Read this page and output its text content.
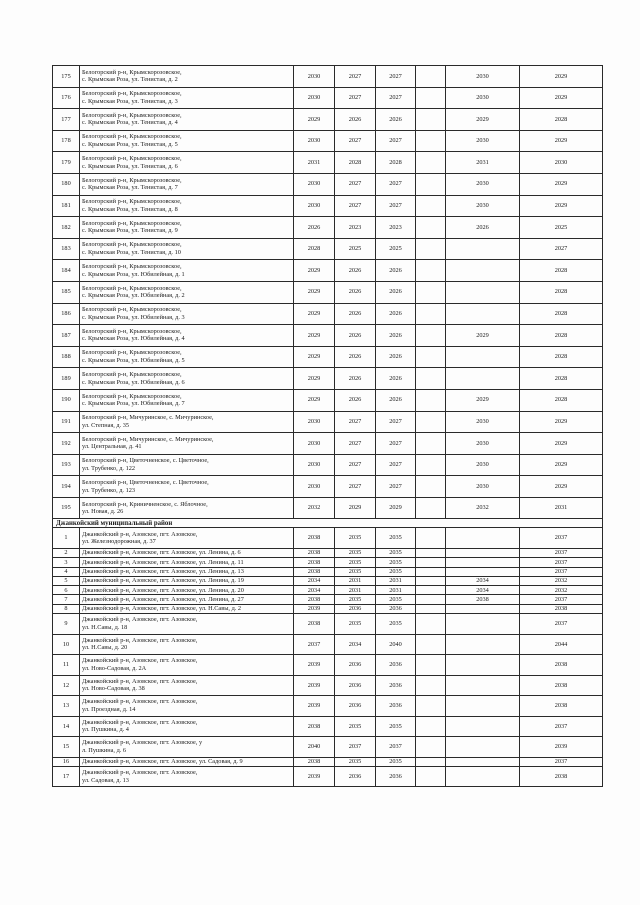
175	Белогорский р-н, Крымскорозовское,
с. Крымская Роза, ул. Тенистая, д. 2	2030	2027	2027		2030	2029
176	Белогорский р-н, Крымскорозовское,
с. Крымская Роза, ул. Тенистая, д. 3	2030	2027	2027		2030	2029
177	Белогорский р-н, Крымскорозовское,
с. Крымская Роза, ул. Тенистая, д. 4	2029	2026	2026		2029	2028
178	Белогорский р-н, Крымскорозовское,
с. Крымская Роза, ул. Тенистая, д. 5	2030	2027	2027		2030	2029
179	Белогорский р-н, Крымскорозовское,
с. Крымская Роза, ул. Тенистая, д. 6	2031	2028	2028		2031	2030
180	Белогорский р-н, Крымскорозовское,
с. Крымская Роза, ул. Тенистая, д. 7	2030	2027	2027		2030	2029
181	Белогорский р-н, Крымскорозовское,
с. Крымская Роза, ул. Тенистая, д. 8	2030	2027	2027		2030	2029
182	Белогорский р-н, Крымскорозовское,
с. Крымская Роза, ул. Тенистая, д. 9	2026	2023	2023		2026	2025
183	Белогорский р-н, Крымскорозовское,
с. Крымская Роза, ул. Тенистая, д. 10	2028	2025	2025			2027
184	Белогорский р-н, Крымскорозовское,
с. Крымская Роза, ул. Юбилейная, д. 1	2029	2026	2026			2028
185	Белогорский р-н, Крымскорозовское,
с. Крымская Роза, ул. Юбилейная, д. 2	2029	2026	2026			2028
186	Белогорский р-н, Крымскорозовское,
с. Крымская Роза, ул. Юбилейная, д. 3	2029	2026	2026			2028
187	Белогорский р-н, Крымскорозовское,
с. Крымская Роза, ул. Юбилейная, д. 4	2029	2026	2026		2029	2028
188	Белогорский р-н, Крымскорозовское,
с. Крымская Роза, ул. Юбилейная, д. 5	2029	2026	2026			2028
189	Белогорский р-н, Крымскорозовское,
с. Крымская Роза, ул. Юбилейная, д. 6	2029	2026	2026			2028
190	Белогорский р-н, Крымскорозовское,
с. Крымская Роза, ул. Юбилейная, д. 7	2029	2026	2026		2029	2028
191	Белогорский р-н, Мичуринское, с. Мичуринское,
ул. Степная, д. 35	2030	2027	2027		2030	2029
192	Белогорский р-н, Мичуринское, с. Мичуринское,
ул. Центральная, д. 41	2030	2027	2027		2030	2029
193	Белогорский р-н, Цветочненское, с. Цветочное,
ул. Трубенко, д. 122	2030	2027	2027		2030	2029
194	Белогорский р-н, Цветочненское, с. Цветочное,
ул. Трубенко, д. 123	2030	2027	2027		2030	2029
195	Белогорский р-н, Криничненское, с. Яблочное,
ул. Новая, д. 26	2032	2029	2029		2032	2031
Джанкойский муниципальный район							
1	Джанкойский р-н, Азовское, пгт. Азовское,
ул. Железнодорожная, д. 37	2038	2035	2035			2037
2	Джанкойский р-н, Азовское, пгт. Азовское, ул. Ленина, д. 6	2038	2035	2035			2037
3	Джанкойский р-н, Азовское, пгт. Азовское, ул. Ленина, д. 11	2038	2035	2035			2037
4	Джанкойский р-н, Азовское, пгт. Азовское, ул. Ленина, д. 13	2038	2035	2035			2037
5	Джанкойский р-н, Азовское, пгт. Азовское, ул. Ленина, д. 19	2034	2031	2031		2034	2032
6	Джанкойский р-н, Азовское, пгт. Азовское, ул. Ленина, д. 20	2034	2031	2031		2034	2032
7	Джанкойский р-н, Азовское, пгт. Азовское, ул. Ленина, д. 27	2038	2035	2035		2038	2037
8	Джанкойский р-н, Азовское, пгт. Азовское, ул. Н.Савы, д. 2	2039	2036	2036			2038
9	Джанкойский р-н, Азовское, пгт. Азовское,
ул. Н.Савы, д. 18	2038	2035	2035			2037
10	Джанкойский р-н, Азовское, пгт. Азовское,
ул. Н.Савы, д. 20	2037	2034	2040			2044
11	Джанкойский р-н, Азовское, пгт. Азовское,
ул. Ново-Садовая, д. 2А	2039	2036	2036			2038
12	Джанкойский р-н, Азовское, пгт. Азовское,
ул. Ново-Садовая, д. 38	2039	2036	2036			2038
13	Джанкойский р-н, Азовское, пгт. Азовское,
ул. Проездная, д. 14	2039	2036	2036			2038
14	Джанкойский р-н, Азовское, пгт. Азовское,
ул. Пушкина, д. 4	2038	2035	2035			2037
15	Джанкойский р-н, Азовское, пгт. Азовское, у
л. Пушкина, д. 6	2040	2037	2037			2039
16	Джанкойский р-н, Азовское, пгт. Азовское, ул. Садовая, д. 9	2038	2035	2035			2037
17	Джанкойский р-н, Азовское, пгт. Азовское,
ул. Садовая, д. 13	2039	2036	2036			2038
